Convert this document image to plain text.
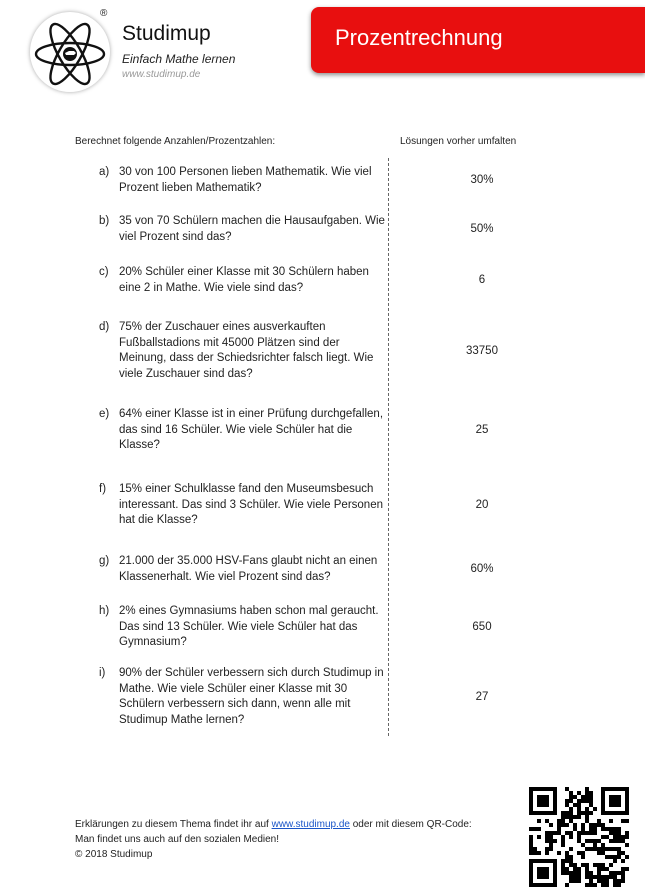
®
Studimup
Einfach Mathe lernen
www.studimup.de
Prozentrechnung
Berechnet folgende Anzahlen/Prozentzahlen:	Lösungen vorher umfalten
a) 30 von 100 Personen lieben Mathematik. Wie viel Prozent lieben Mathematik?
30%
b) 35 von 70 Schülern machen die Hausaufgaben. Wie viel Prozent sind das?
50%
c) 20% Schüler einer Klasse mit 30 Schülern haben eine 2 in Mathe. Wie viele sind das?
6
d) 75% der Zuschauer eines ausverkauften Fußballstadions mit 45000 Plätzen sind der Meinung, dass der Schiedsrichter falsch liegt. Wie viele Zuschauer sind das?
33750
e) 64% einer Klasse ist in einer Prüfung durchgefallen, das sind 16 Schüler. Wie viele Schüler hat die Klasse?
25
f) 15% einer Schulklasse fand den Museumsbesuch interessant. Das sind 3 Schüler. Wie viele Personen hat die Klasse?
20
g) 21.000 der 35.000 HSV-Fans glaubt nicht an einen Klassenerhalt. Wie viel Prozent sind das?
60%
h) 2% eines Gymnasiums haben schon mal geraucht. Das sind 13 Schüler. Wie viele Schüler hat das Gymnasium?
650
i) 90% der Schüler verbessern sich durch Studimup in Mathe. Wie viele Schüler einer Klasse mit 30 Schülern verbessern sich dann, wenn alle mit Studimup Mathe lernen?
27
Erklärungen zu diesem Thema findet ihr auf www.studimup.de oder mit diesem QR-Code:
Man findet uns auch auf den sozialen Medien!
© 2018 Studimup
